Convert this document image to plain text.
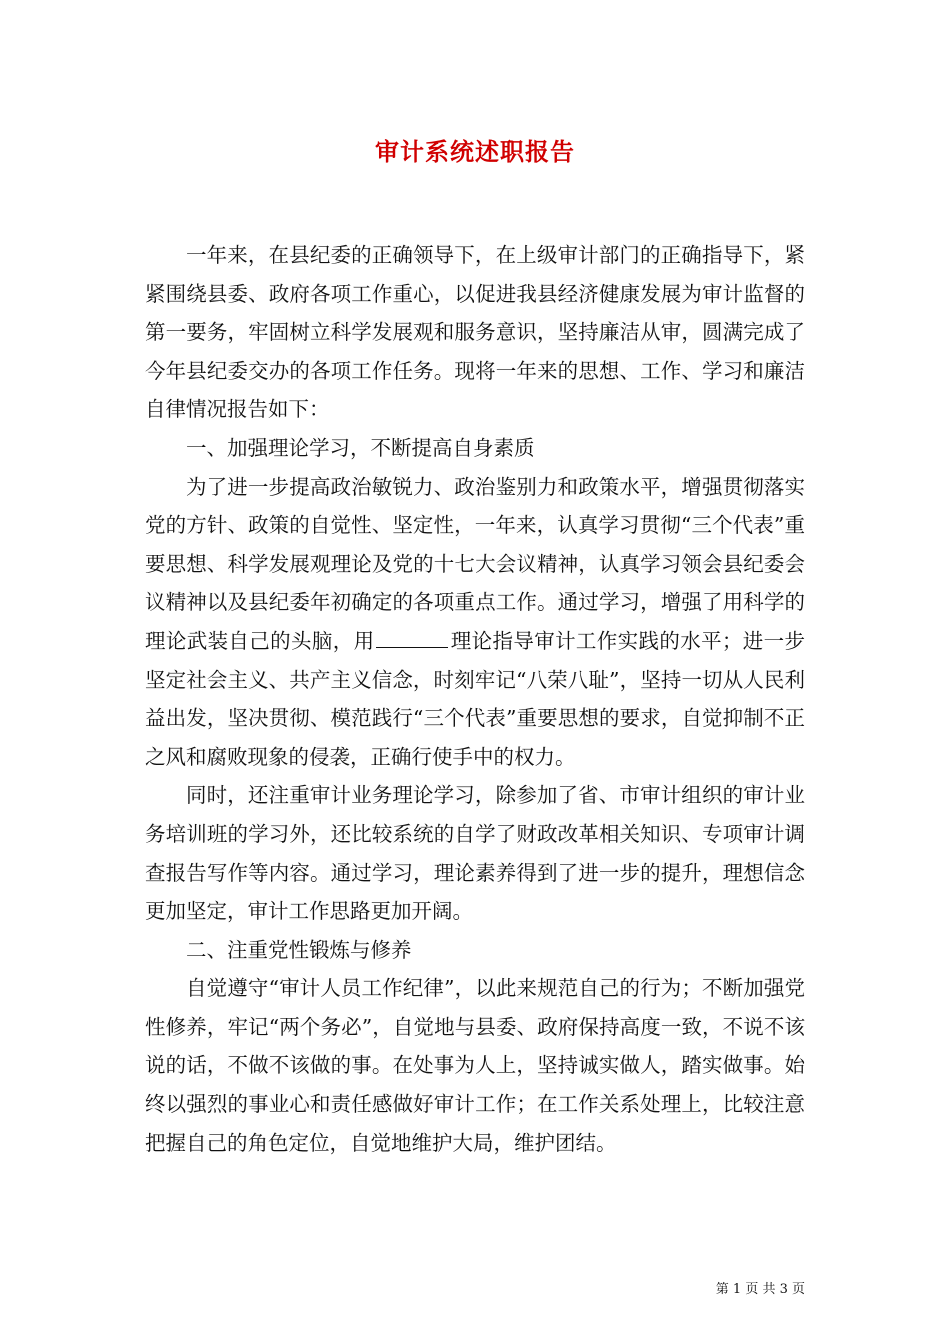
审计系统述职报告

一年来，在县纪委的正确领导下，在上级审计部门的正确指导下，紧紧围绕县委、政府各项工作重心，以促进我县经济健康发展为审计监督的第一要务，牢固树立科学发展观和服务意识，坚持廉洁从审，圆满完成了今年县纪委交办的各项工作任务。现将一年来的思想、工作、学习和廉洁自律情况报告如下：

一、加强理论学习，不断提高自身素质

为了进一步提高政治敏锐力、政治鉴别力和政策水平，增强贯彻落实党的方针、政策的自觉性、坚定性，一年来，认真学习贯彻“三个代表”重要思想、科学发展观理论及党的十七大会议精神，认真学习领会县纪委会议精神以及县纪委年初确定的各项重点工作。通过学习，增强了用科学的理论武装自己的头脑，用	理论指导审计工作实践的水平；进一步坚定社会主义、共产主义信念，时刻牢记“八荣八耻”，坚持一切从人民利益出发，坚决贯彻、模范践行“三个代表”重要思想的要求，自觉抑制不正之风和腐败现象的侵袭，正确行使手中的权力。

同时，还注重审计业务理论学习，除参加了省、市审计组织的审计业务培训班的学习外，还比较系统的自学了财政改革相关知识、专项审计调查报告写作等内容。通过学习，理论素养得到了进一步的提升，理想信念更加坚定，审计工作思路更加开阔。

二、注重党性锻炼与修养

自觉遵守“审计人员工作纪律”，以此来规范自己的行为；不断加强党性修养，牢记“两个务必”，自觉地与县委、政府保持高度一致，不说不该说的话，不做不该做的事。在处事为人上，坚持诚实做人，踏实做事。始终以强烈的事业心和责任感做好审计工作；在工作关系处理上，比较注意把握自己的角色定位，自觉地维护大局，维护团结。

第 1 页 共 3 页
